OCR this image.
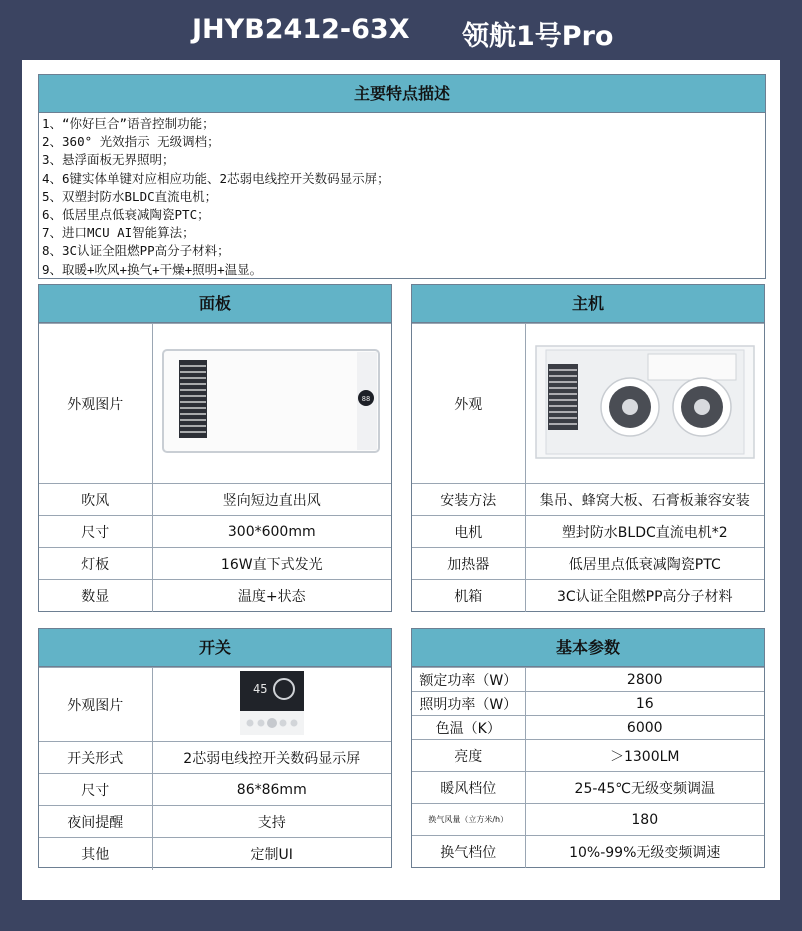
JHYB2412-63X 领航1号Pro
主要特点描述
1、“你好巨合”语音控制功能；
2、360° 光效指示 无级调档；
3、悬浮面板无界照明；
4、6键实体单键对应相应功能、2芯弱电线控开关数码显示屏；
5、双塑封防水BLDC直流电机；
6、低居里点低衰减陶瓷PTC；
7、进口MCU AI智能算法；
8、3C认证全阻燃PP高分子材料；
9、取暖+吹风+换气+干燥+照明+温显。
面板
外观图片	88

吹风	竖向短边直出风
尺寸	300*600mm
灯板	16W直下式发光
数显	温度+状态
主机
外观	
安装方法	集吊、蜂窝大板、石膏板兼容安装
电机	塑封防水BLDC直流电机*2
加热器	低居里点低衰减陶瓷PTC
机箱	3C认证全阻燃PP高分子材料
开关
外观图片	45

开关形式	2芯弱电线控开关数码显示屏
尺寸	86*86mm
夜间提醒	支持
其他	定制UI
基本参数
额定功率（W）	2800
照明功率（W）	16
色温（K）	6000
亮度	＞1300LM
暖风档位	25-45℃无级变频调温
换气风量（立方米/h）	180
换气档位	10%-99%无级变频调速
